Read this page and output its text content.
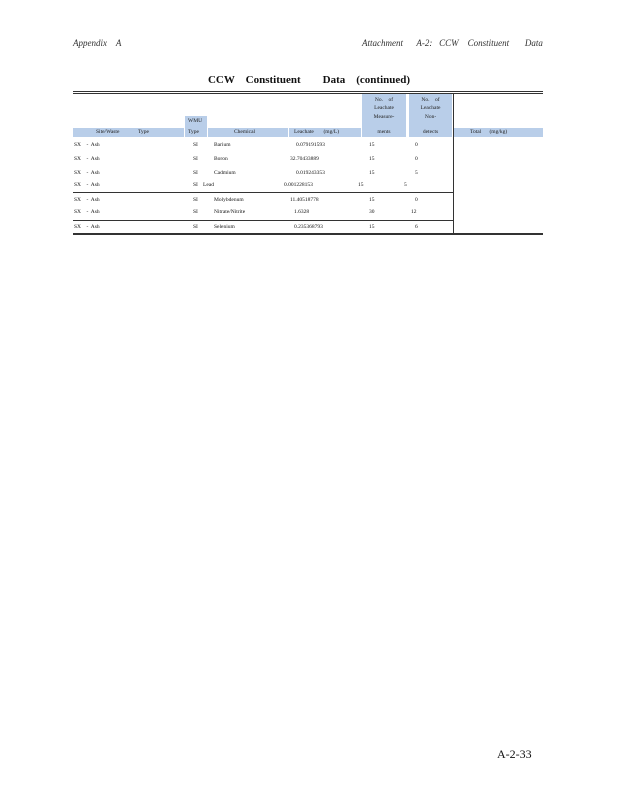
Appendix    A	Attachment      A-2:   CCW    Constituent       Data
CCW    Constituent        Data    (continued)
Site/Waste	Type
WMU
Type	Chemical	Leachate       (mg/L)
No.    of
Leachate
Measure-
ments
No.    of
Leachate
Non-
detects	Total      (mg/kg)
SX    -  Ash	SI	Barium	0.079191593	15	0
SX    -  Ash	SI	Boron	32.70433889	15	0
SX    -  Ash	SI	Cadmium	0.019243353	15	5
SX    -  Ash	SI Lead	0.001228153	15	5
SX    -  Ash	SI	Molybdenum	11.40518778	15	0
SX    -  Ash	SI	Nitrate/Nitrite	1.6328	30	12
SX    -  Ash	SI	Selenium	0.235368793	15	6
A-2-33
